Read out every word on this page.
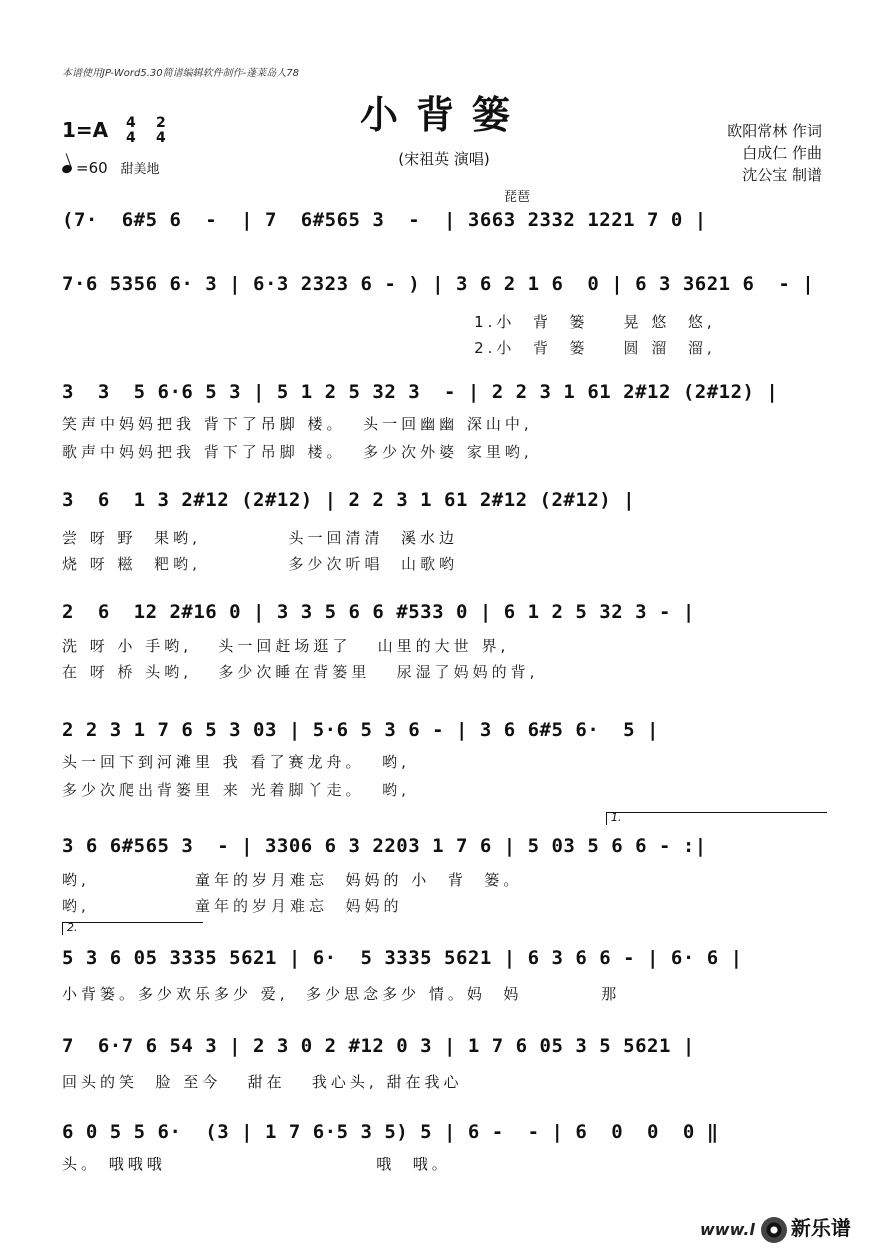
本谱使用JP-Word5.30简谱编辑软件制作-蓬莱岛人78
小背篓
(宋祖英 演唱)
1=A 4
4
2
4
=60 甜美地
欧阳常林 作词
白成仁 作曲
沈公宝 制谱
琵琶
(7·  6#5 6  -  | 7  6#565 3  -  | 3663 2332 1221 7 0 |
7·6 5356 6· 3 | 6·3 2323 6 - ) | 3 6 2 1 6  0 | 6 3 3621 6  - |
1.小  背  篓    晃 悠  悠,
2.小  背  篓    圆 溜  溜,
3  3  5 6·6 5 3 | 5 1 2 5 32 3  - | 2 2 3 1 61 2#12 (2#12) |
笑声中妈妈把我 背下了吊脚 楼。  头一回幽幽 深山中,
歌声中妈妈把我 背下了吊脚 楼。  多少次外婆 家里哟,
3  6  1 3 2#12 (2#12) | 2 2 3 1 61 2#12 (2#12) |
尝 呀 野  果哟,          头一回清清  溪水边
烧 呀 糍  粑哟,          多少次听唱  山歌哟
2  6  12 2#16 0 | 3 3 5 6 6 #533 0 | 6 1 2 5 32 3 - |
洗 呀 小 手哟,   头一回赶场逛了   山里的大世 界,
在 呀 桥 头哟,   多少次睡在背篓里   尿湿了妈妈的背,
2 2 3 1 7 6 5 3 03 | 5·6 5 3 6 - | 3 6 6#5 6·  5 |
头一回下到河滩里 我 看了赛龙舟。  哟,
多少次爬出背篓里 来 光着脚丫走。  哟,
1.
3 6 6#565 3  - | 3306 6 3 2203 1 7 6 | 5 03 5 6 6 - :|
哟,            童年的岁月难忘  妈妈的 小  背  篓。
哟,            童年的岁月难忘  妈妈的
2.
5 3 6 05 3335 5621 | 6·  5 3335 5621 | 6 3 6 6 - | 6· 6 |
小背篓。多少欢乐多少 爱,  多少思念多少 情。妈  妈         那
7  6·7 6 54 3 | 2 3 0 2 #12 0 3 | 1 7 6 05 3 5 5621 |
回头的笑  脸 至今   甜在   我心头, 甜在我心
6 0 5 5 6·  (3 | 1 7 6·5 3 5) 5 | 6 -  - | 6  0  0  0 ‖
头。 哦哦哦                        哦  哦。
www.l 新乐谱
